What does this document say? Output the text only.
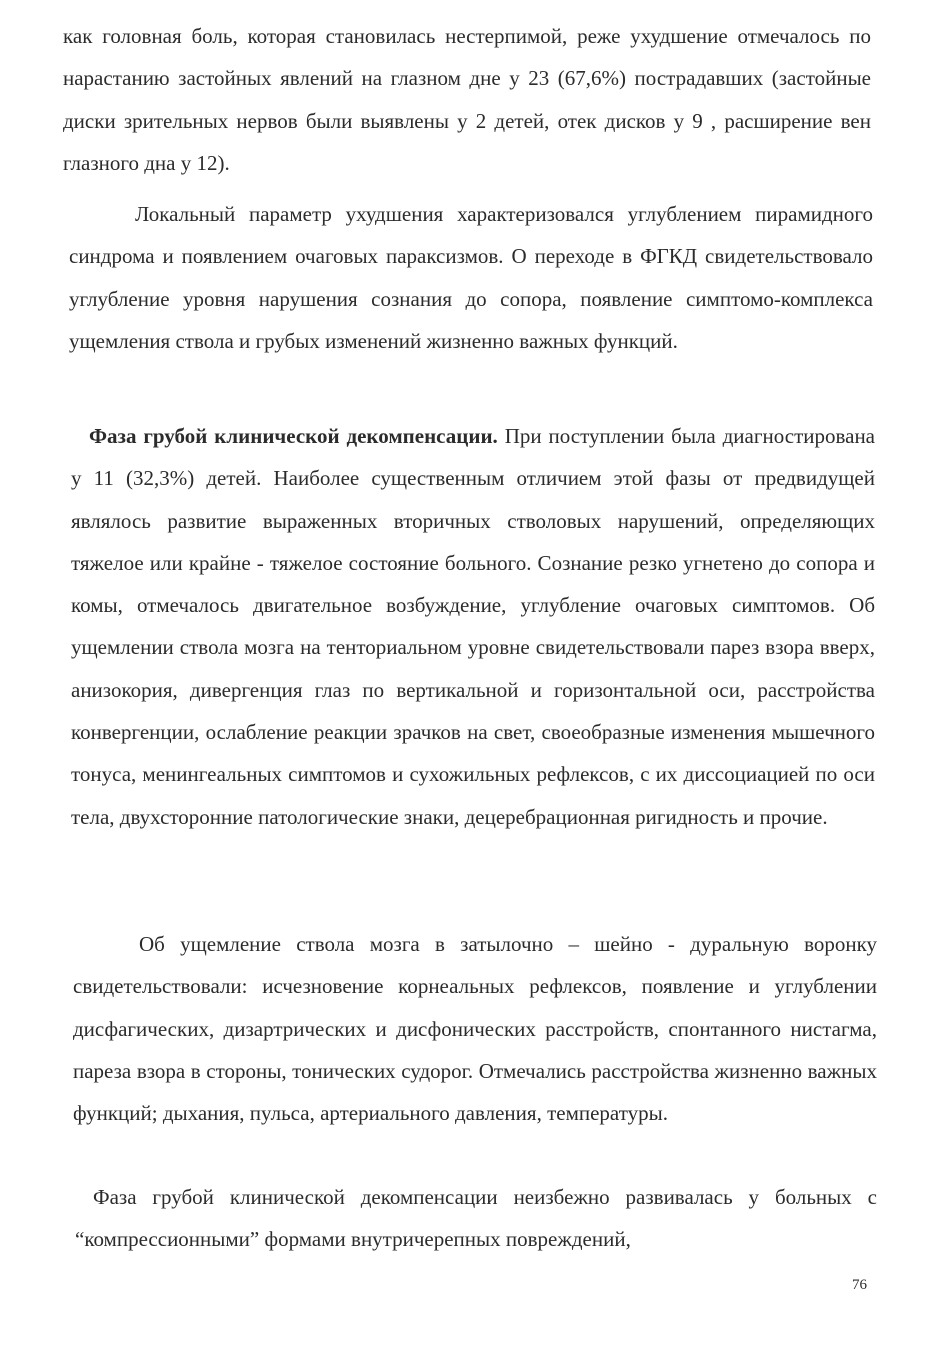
как головная боль, которая становилась нестерпимой, реже ухудшение отмечалось по нарастанию застойных явлений на глазном дне у 23 (67,6%) пострадавших (застойные диски зрительных нервов были выявлены у 2 детей, отек дисков у 9 , расширение вен глазного дна у 12).

Локальный параметр ухудшения характеризовался углублением пирамидного синдрома и появлением очаговых параксизмов. О переходе в ФГКД свидетельствовало углубление уровня нарушения сознания до сопора, появление симптомо-комплекса ущемления ствола и грубых изменений жизненно важных функций.

Фаза грубой клинической декомпенсации. При поступлении была диагностирована у 11 (32,3%) детей. Наиболее существенным отличием этой фазы от предвидущей являлось развитие выраженных вторичных стволовых нарушений, определяющих тяжелое или крайне - тяжелое состояние больного. Сознание резко угнетено до сопора и комы, отмечалось двигательное возбуждение, углубление очаговых симптомов. Об ущемлении ствола мозга на тенториальном уровне свидетельствовали парез взора вверх, анизокория, дивергенция глаз по вертикальной и горизонтальной оси, расстройства конвергенции, ослабление реакции зрачков на свет, своеобразные изменения мышечного тонуса, менингеальных симптомов и сухожильных рефлексов, с их диссоциацией по оси тела, двухсторонние патологические знаки, децеребрационная ригидность и прочие.

Об ущемление ствола мозга в затылочно – шейно - дуральную воронку свидетельствовали: исчезновение корнеальных рефлексов, появление и углублении дисфагических, дизартрических и дисфонических расстройств, спонтанного нистагма, пареза взора в стороны, тонических судорог. Отмечались расстройства жизненно важных функций; дыхания, пульса, артериального давления, температуры.

Фаза грубой клинической декомпенсации неизбежно развивалась у больных с “компрессионными” формами внутричерепных повреждений,

76
